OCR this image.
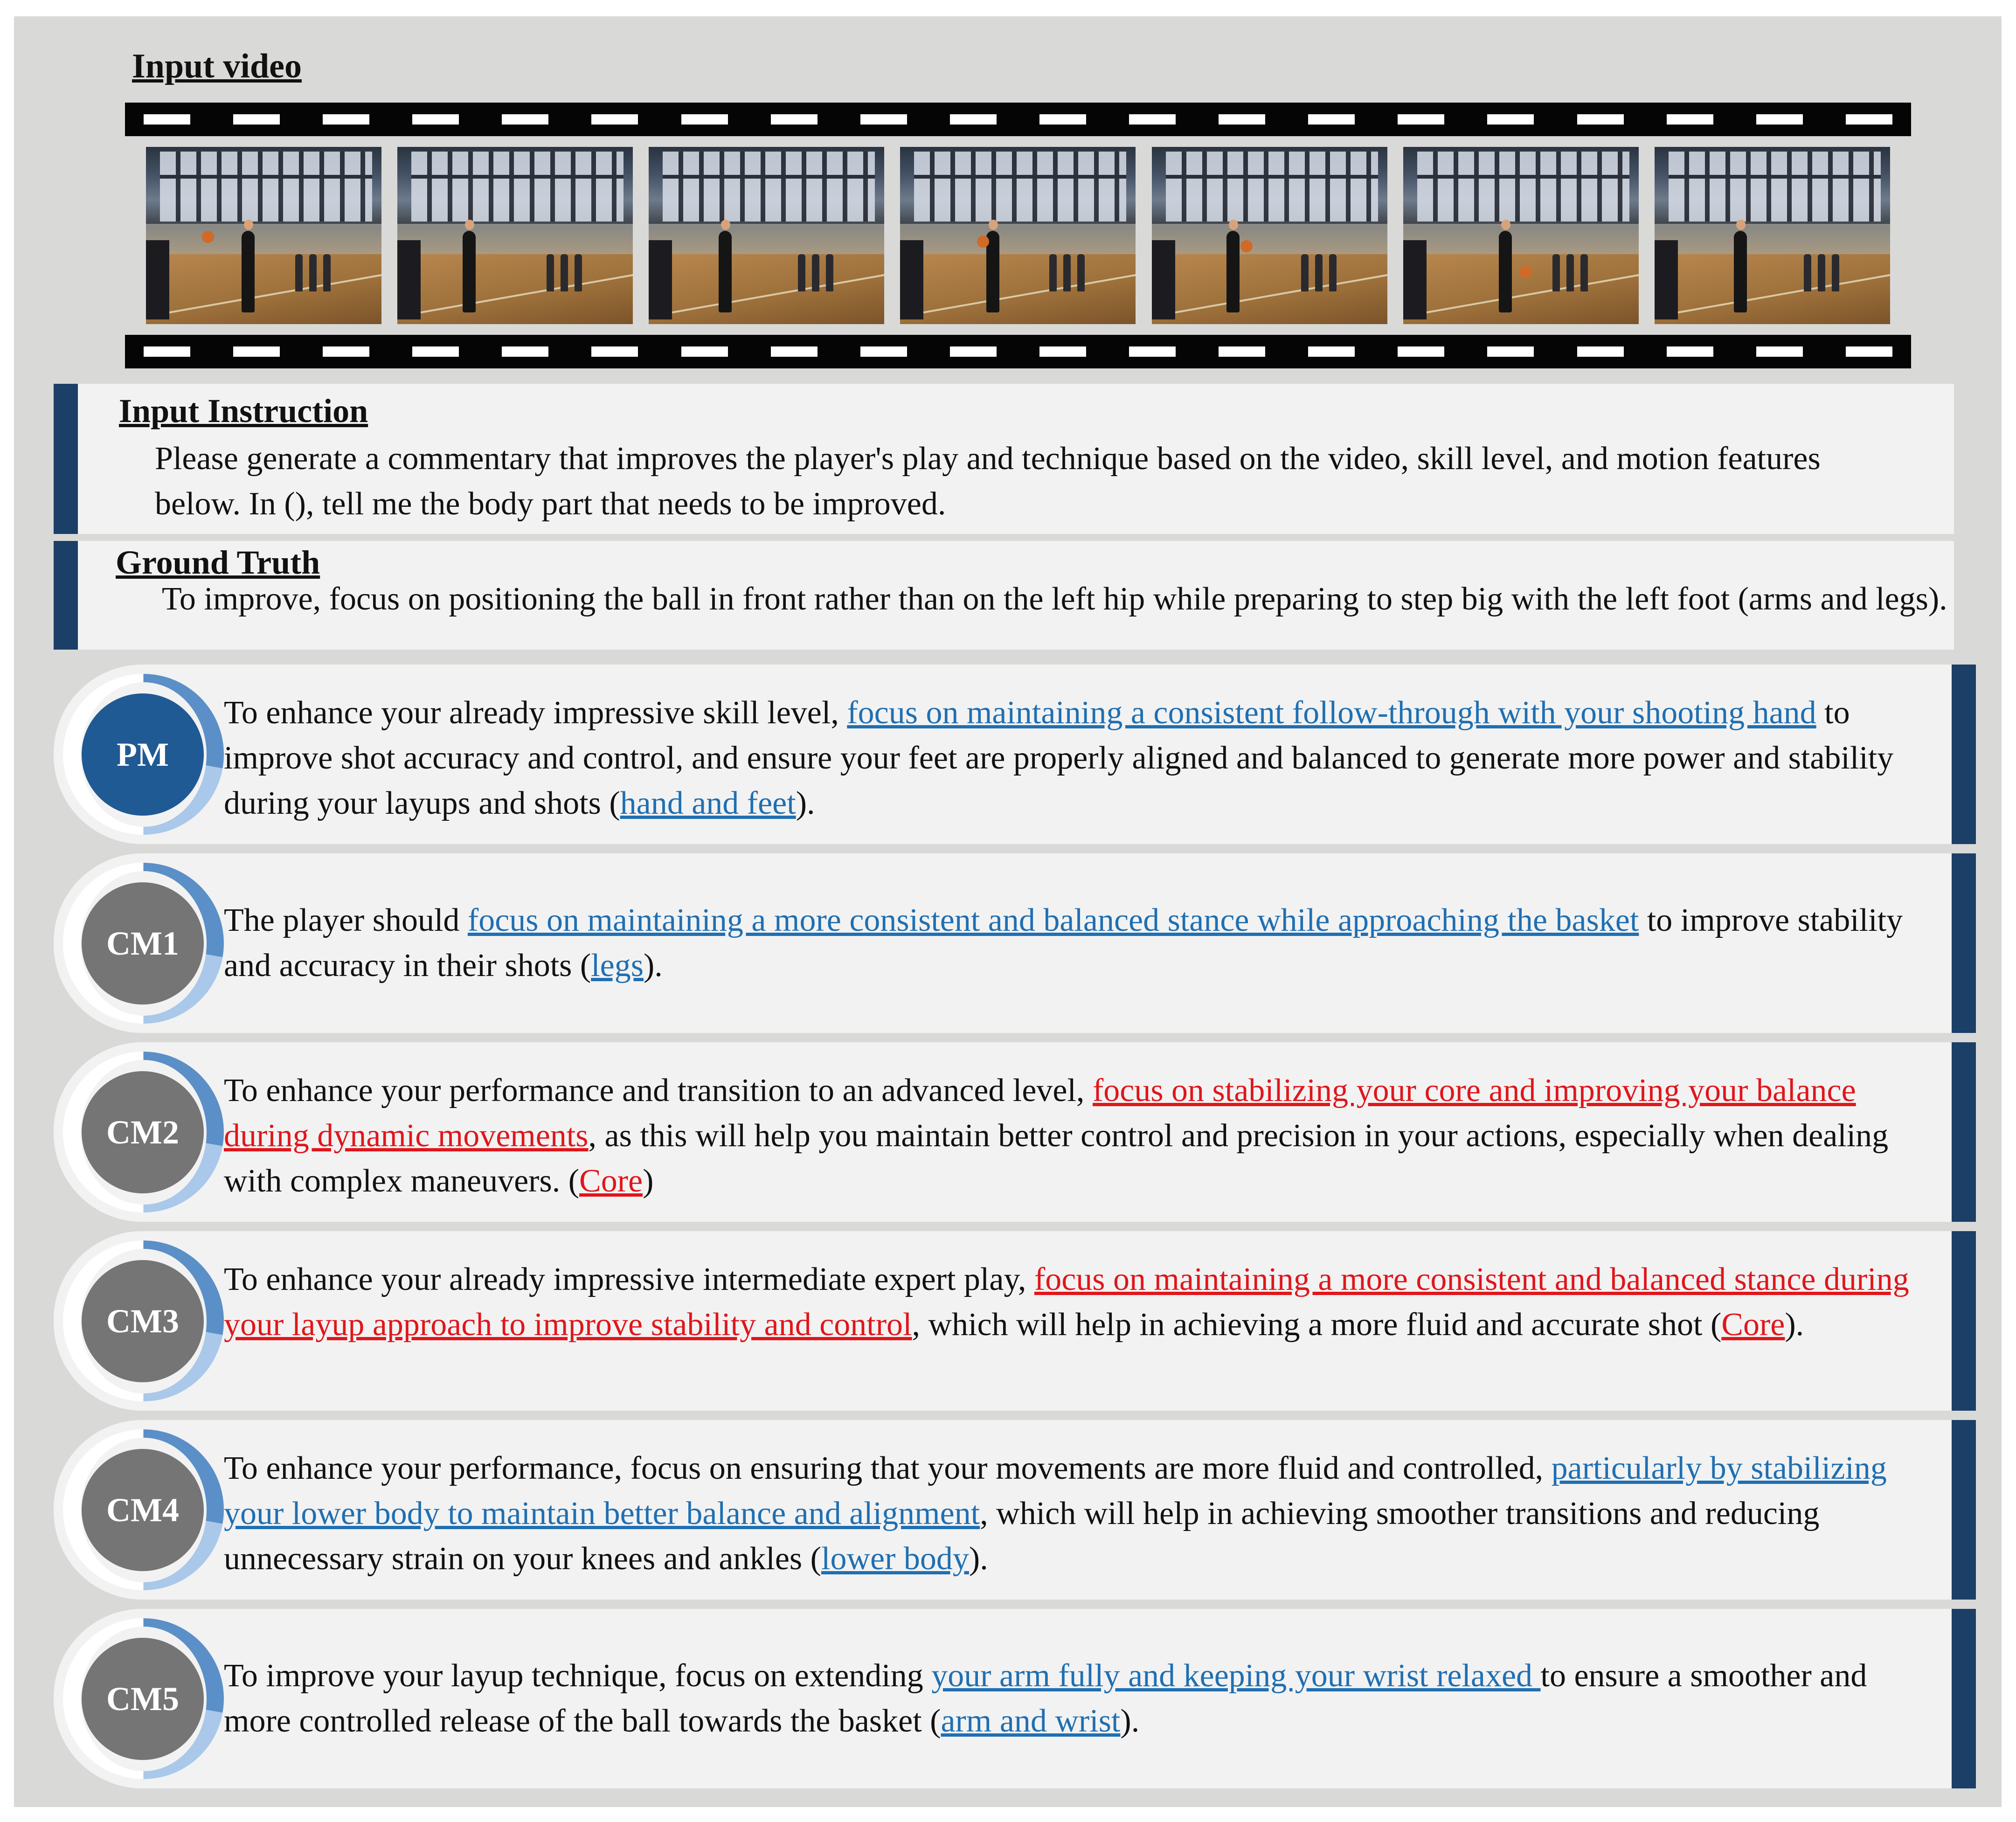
Input video
Input Instruction
Please generate a commentary that improves the player's play and technique based on the video, skill level, and motion features below. In (), tell me the body part that needs to be improved.
Ground Truth
To improve, focus on positioning the ball in front rather than on the left hip while preparing to step big with the left foot (arms and legs).
PM
To enhance your already impressive skill level, focus on maintaining a consistent follow-through with your shooting hand to improve shot accuracy and control, and ensure your feet are properly aligned and balanced to generate more power and stability during your layups and shots (hand and feet).
CM1
The player should focus on maintaining a more consistent and balanced stance while approaching the basket to improve stability and accuracy in their shots (legs).
CM2
To enhance your performance and transition to an advanced level, focus on stabilizing your core and improving your balance during dynamic movements, as this will help you maintain better control and precision in your actions, especially when dealing with complex maneuvers. (Core)
CM3
To enhance your already impressive intermediate expert play, focus on maintaining a more consistent and balanced stance during your layup approach to improve stability and control, which will help in achieving a more fluid and accurate shot (Core).
CM4
To enhance your performance, focus on ensuring that your movements are more fluid and controlled, particularly by stabilizing your lower body to maintain better balance and alignment, which will help in achieving smoother transitions and reducing unnecessary strain on your knees and ankles (lower body).
CM5
To improve your layup technique, focus on extending your arm fully and keeping your wrist relaxed to ensure a smoother and more controlled release of the ball towards the basket (arm and wrist).
